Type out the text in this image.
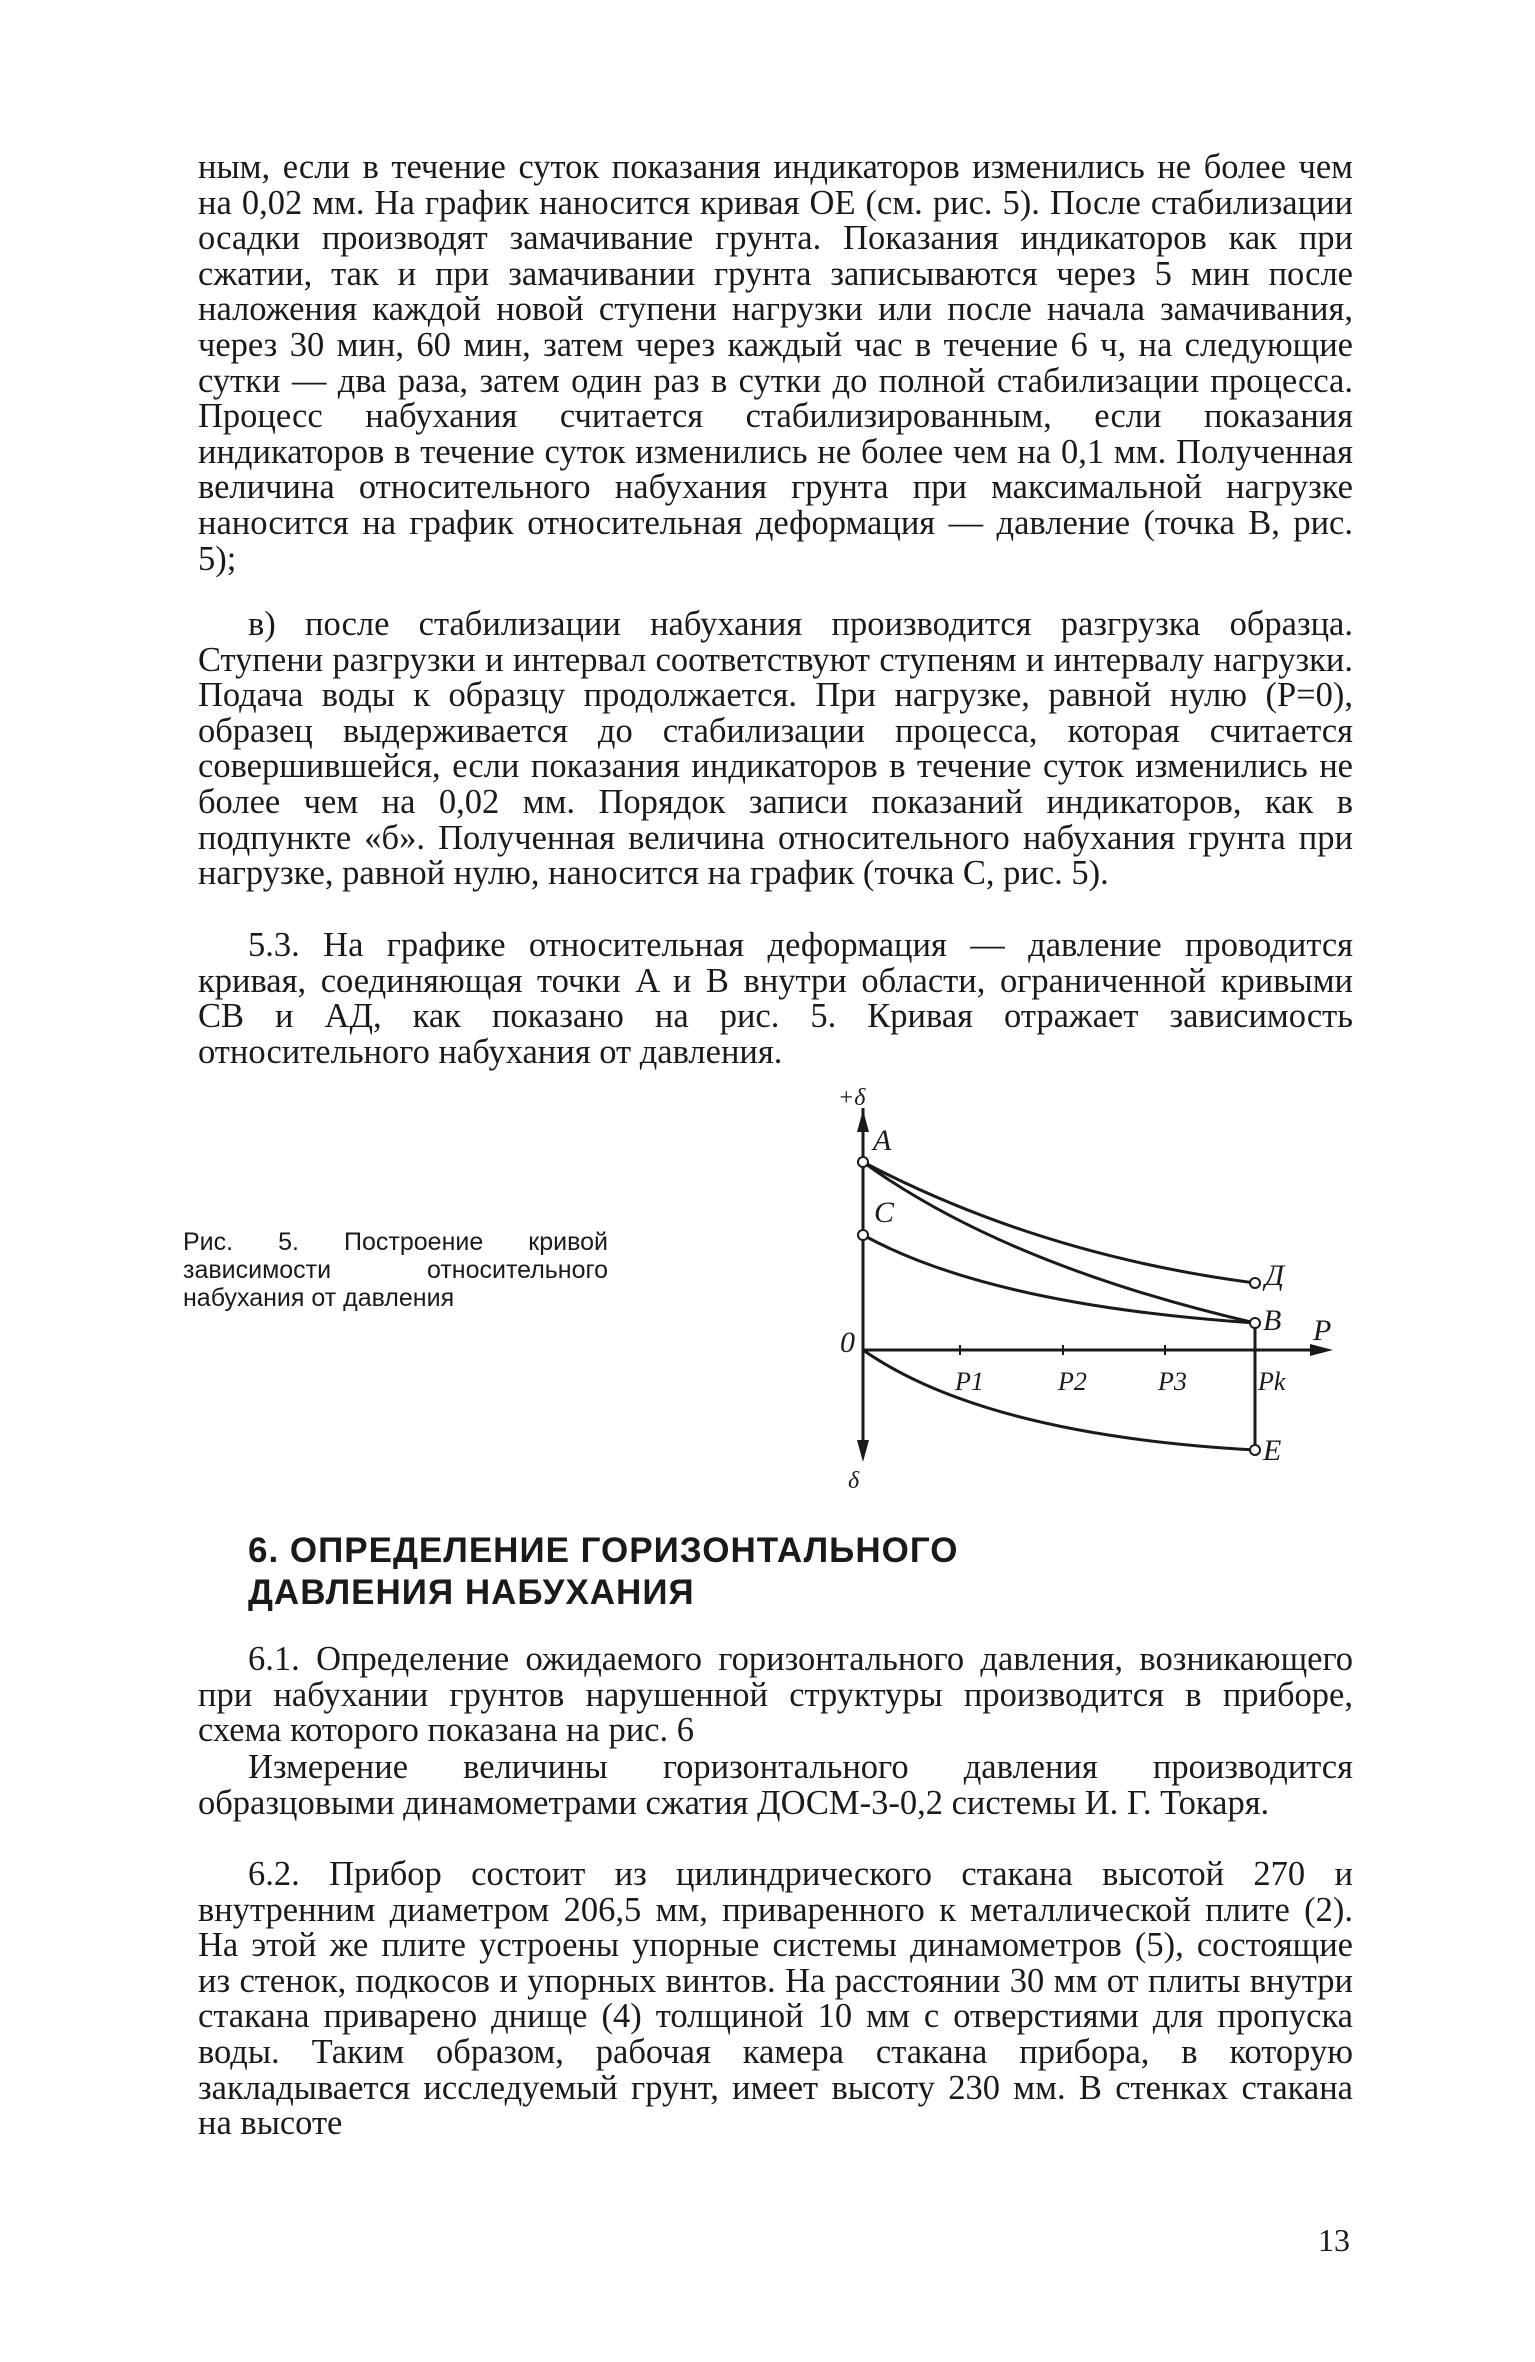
ным, если в течение суток показания индикаторов изменились не более чем на 0,02 мм. На график наносится кривая OE (см. рис. 5). После стабилизации осадки производят замачивание грунта. Показания индикаторов как при сжатии, так и при замачивании грунта записываются через 5 мин после наложения каждой новой ступени нагрузки или после начала замачивания, через 30 мин, 60 мин, затем через каждый час в течение 6 ч, на следующие сутки — два раза, затем один раз в сутки до полной стабилизации процесса. Процесс набухания считается стабилизированным, если показания индикаторов в течение суток изменились не более чем на 0,1 мм. Полученная величина относительного набухания грунта при максимальной нагрузке наносится на график относительная деформация — давление (точка B, рис. 5);

в) после стабилизации набухания производится разгрузка образца. Ступени разгрузки и интервал соответствуют ступеням и интервалу нагрузки. Подача воды к образцу продолжается. При нагрузке, равной нулю (P=0), образец выдерживается до стабилизации процесса, которая считается совершившейся, если показания индикаторов в течение суток изменились не более чем на 0,02 мм. Порядок записи показаний индикаторов, как в подпункте «б». Полученная величина относительного набухания грунта при нагрузке, равной нулю, наносится на график (точка C, рис. 5).

5.3. На графике относительная деформация — давление проводится кривая, соединяющая точки A и B внутри области, ограниченной кривыми CB и AД, как показано на рис. 5. Кривая отражает зависимость относительного набухания от давления.

Рис. 5. Построение кривой зависимости относительного набухания от давления

+δ
δ
0	P
A
C
Д
B
E
P1	P2	P3	Pk
6. ОПРЕДЕЛЕНИЕ ГОРИЗОНТАЛЬНОГО
ДАВЛЕНИЯ НАБУХАНИЯ

6.1. Определение ожидаемого горизонтального давления, возникающего при набухании грунтов нарушенной структуры производится в приборе, схема которого показана на рис. 6

Измерение величины горизонтального давления производится образцовыми динамометрами сжатия ДОСМ-3-0,2 системы И. Г. Токаря.

6.2. Прибор состоит из цилиндрического стакана высотой 270 и внутренним диаметром 206,5 мм, приваренного к металлической плите (2). На этой же плите устроены упорные системы динамометров (5), состоящие из стенок, подкосов и упорных винтов. На расстоянии 30 мм от плиты внутри стакана приварено днище (4) толщиной 10 мм с отверстиями для пропуска воды. Таким образом, рабочая камера стакана прибора, в которую закладывается исследуемый грунт, имеет высоту 230 мм. В стенках стакана на высоте

13
